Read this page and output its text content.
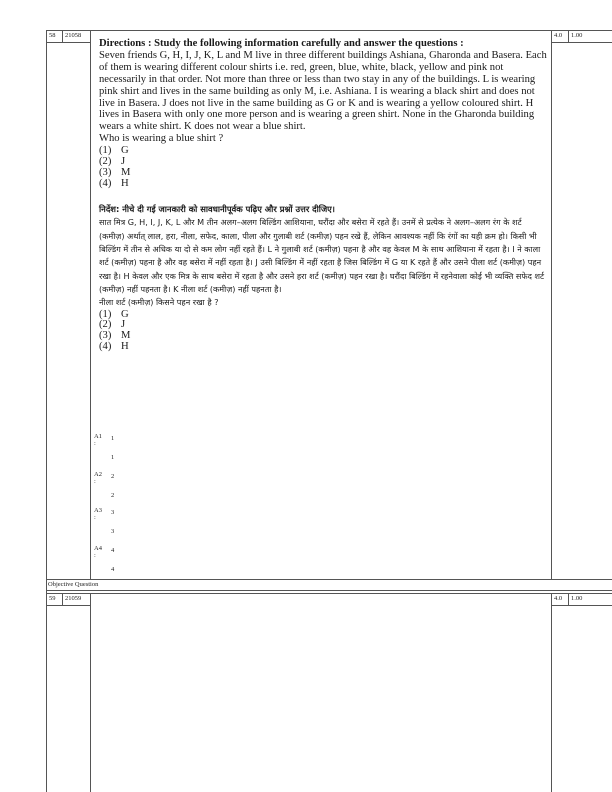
58 21058	4.0 1.00

Directions : Study the following information carefully and answer the questions :

Seven friends G, H, I, J, K, L and M live in three different buildings Ashiana, Gharonda and Basera. Each of them is wearing different colour shirts i.e. red, green, blue, white, black, yellow and pink not necessarily in that order. Not more than three or less than two stay in any of the buildings. L is wearing pink shirt and lives in the same building as only M, i.e. Ashiana. I is wearing a black shirt and does not live in Basera. J does not live in the same building as G or K and is wearing a yellow coloured shirt. H lives in Basera with only one more person and is wearing a green shirt. None in the Gharonda building wears a white shirt. K does not wear a blue shirt.

Who is wearing a blue shirt ?

(1) G
(2) J
(3) M
(4) H

निर्देश: नीचे दी गई जानकारी को सावधानीपूर्वक पढ़िए और प्रश्नों उत्तर दीजिए।

सात मित्र G, H, I, J, K, L और M तीन अलग–अलग बिल्डिंग आशियाना, घरौंदा और बसेरा में रहते हैं। उनमें से प्रत्येक ने अलग–अलग रंग के शर्ट (कमीज़) अर्थात् लाल, हरा, नीला, सफेद, काला, पीला और गुलाबी शर्ट (कमीज़) पहन रखे हैं, लेकिन आवश्यक नहीं कि रंगों का यही क्रम हो। किसी भी बिल्डिंग में तीन से अधिक या दो से कम लोग नहीं रहते हैं। L ने गुलाबी शर्ट (कमीज़) पहना है और वह केवल M के साथ आशियाना में रहता है। I ने काला शर्ट (कमीज़) पहना है और वह बसेरा में नहीं रहता है। J उसी बिल्डिंग में नहीं रहता है जिस बिल्डिंग में G या K रहते हैं और उसने पीला शर्ट (कमीज़) पहन रखा है। H केवल और एक मित्र के साथ बसेरा में रहता है और उसने हरा शर्ट (कमीज़) पहन रखा है। घरौंदा बिल्डिंग में रहनेवाला कोई भी व्यक्ति सफेद शर्ट (कमीज़) नहीं पहनता है। K नीला शर्ट (कमीज़) नहीं पहनता है।

नीला शर्ट (कमीज़) किसने पहन रखा है ?

(1) G
(2) J
(3) M
(4) H
A1
:
1
1
A2
:
2
2
A3
:
3
3
A4
:
4
4
Objective Question
59 21059	4.0 1.00
